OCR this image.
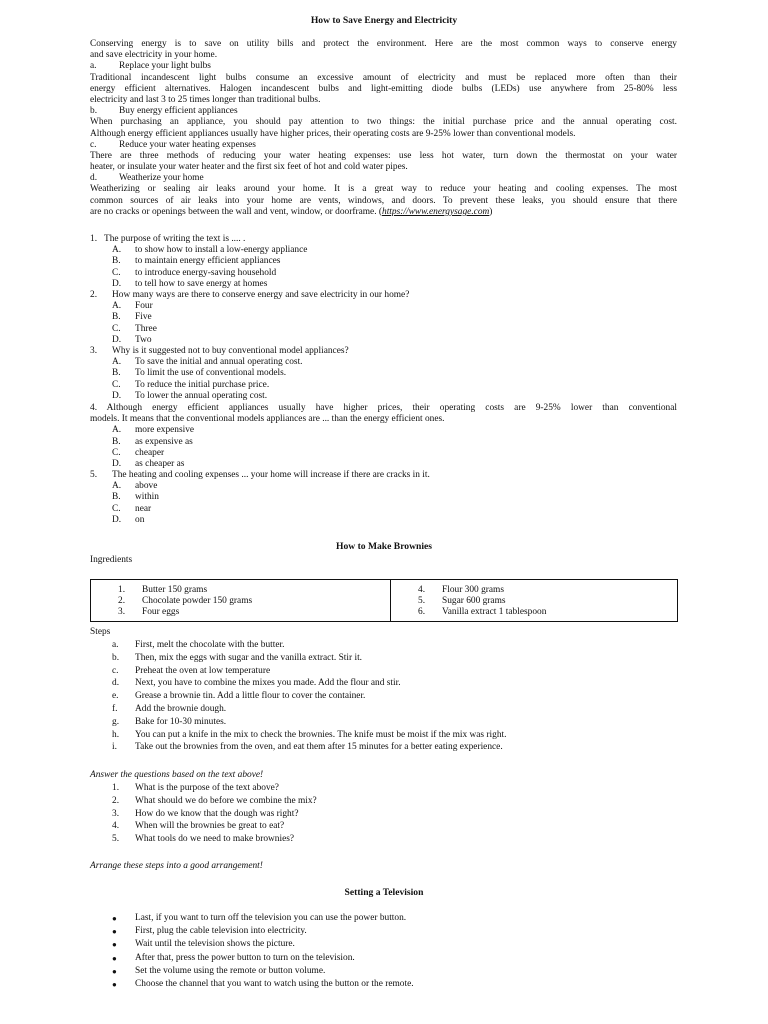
How to Save Energy and Electricity
Conserving energy is to save on utility bills and protect the environment. Here are the most common ways to conserve energy
and save electricity in your home.
a. Replace your light bulbs
Traditional incandescent light bulbs consume an excessive amount of electricity and must be replaced more often than their
energy efficient alternatives. Halogen incandescent bulbs and light-emitting diode bulbs (LEDs) use anywhere from 25-80% less
electricity and last 3 to 25 times longer than traditional bulbs.
b. Buy energy efficient appliances
When purchasing an appliance, you should pay attention to two things: the initial purchase price and the annual operating cost.
Although energy efficient appliances usually have higher prices, their operating costs are 9-25% lower than conventional models.
c. Reduce your water heating expenses
There are three methods of reducing your water heating expenses: use less hot water, turn down the thermostat on your water
heater, or insulate your water heater and the first six feet of hot and cold water pipes.
d. Weatherize your home
Weatherizing or sealing air leaks around your home. It is a great way to reduce your heating and cooling expenses. The most
common sources of air leaks into your home are vents, windows, and doors. To prevent these leaks, you should ensure that there
are no cracks or openings between the wall and vent, window, or doorframe. (https://www.energysage.com)
1. The purpose of writing the text is .... .
A. to show how to install a low-energy appliance
B. to maintain energy efficient appliances
C. to introduce energy-saving household
D. to tell how to save energy at homes
2. How many ways are there to conserve energy and save electricity in our home?
A. Four
B. Five
C. Three
D. Two
3. Why is it suggested not to buy conventional model appliances?
A. To save the initial and annual operating cost.
B. To limit the use of conventional models.
C. To reduce the initial purchase price.
D. To lower the annual operating cost.
4. Although energy efficient appliances usually have higher prices, their operating costs are 9-25% lower than conventional
models. It means that the conventional models appliances are ... than the energy efficient ones.
A. more expensive
B. as expensive as
C. cheaper
D. as cheaper as
5. The heating and cooling expenses ... your home will increase if there are cracks in it.
A. above
B. within
C. near
D. on
How to Make Brownies
Ingredients
1. Butter 150 grams
2. Chocolate powder 150 grams
3. Four eggs
4. Flour 300 grams
5. Sugar 600 grams
6. Vanilla extract 1 tablespoon
Steps
a. First, melt the chocolate with the butter.
b. Then, mix the eggs with sugar and the vanilla extract. Stir it.
c. Preheat the oven at low temperature
d. Next, you have to combine the mixes you made. Add the flour and stir.
e. Grease a brownie tin. Add a little flour to cover the container.
f. Add the brownie dough.
g. Bake for 10-30 minutes.
h. You can put a knife in the mix to check the brownies. The knife must be moist if the mix was right.
i. Take out the brownies from the oven, and eat them after 15 minutes for a better eating experience.
Answer the questions based on the text above!
1. What is the purpose of the text above?
2. What should we do before we combine the mix?
3. How do we know that the dough was right?
4. When will the brownies be great to eat?
5. What tools do we need to make brownies?
Arrange these steps into a good arrangement!
Setting a Television
●	Last, if you want to turn off the television you can use the power button.
●	First, plug the cable television into electricity.
●	Wait until the television shows the picture.
●	After that, press the power button to turn on the television.
●	Set the volume using the remote or button volume.
●	Choose the channel that you want to watch using the button or the remote.
